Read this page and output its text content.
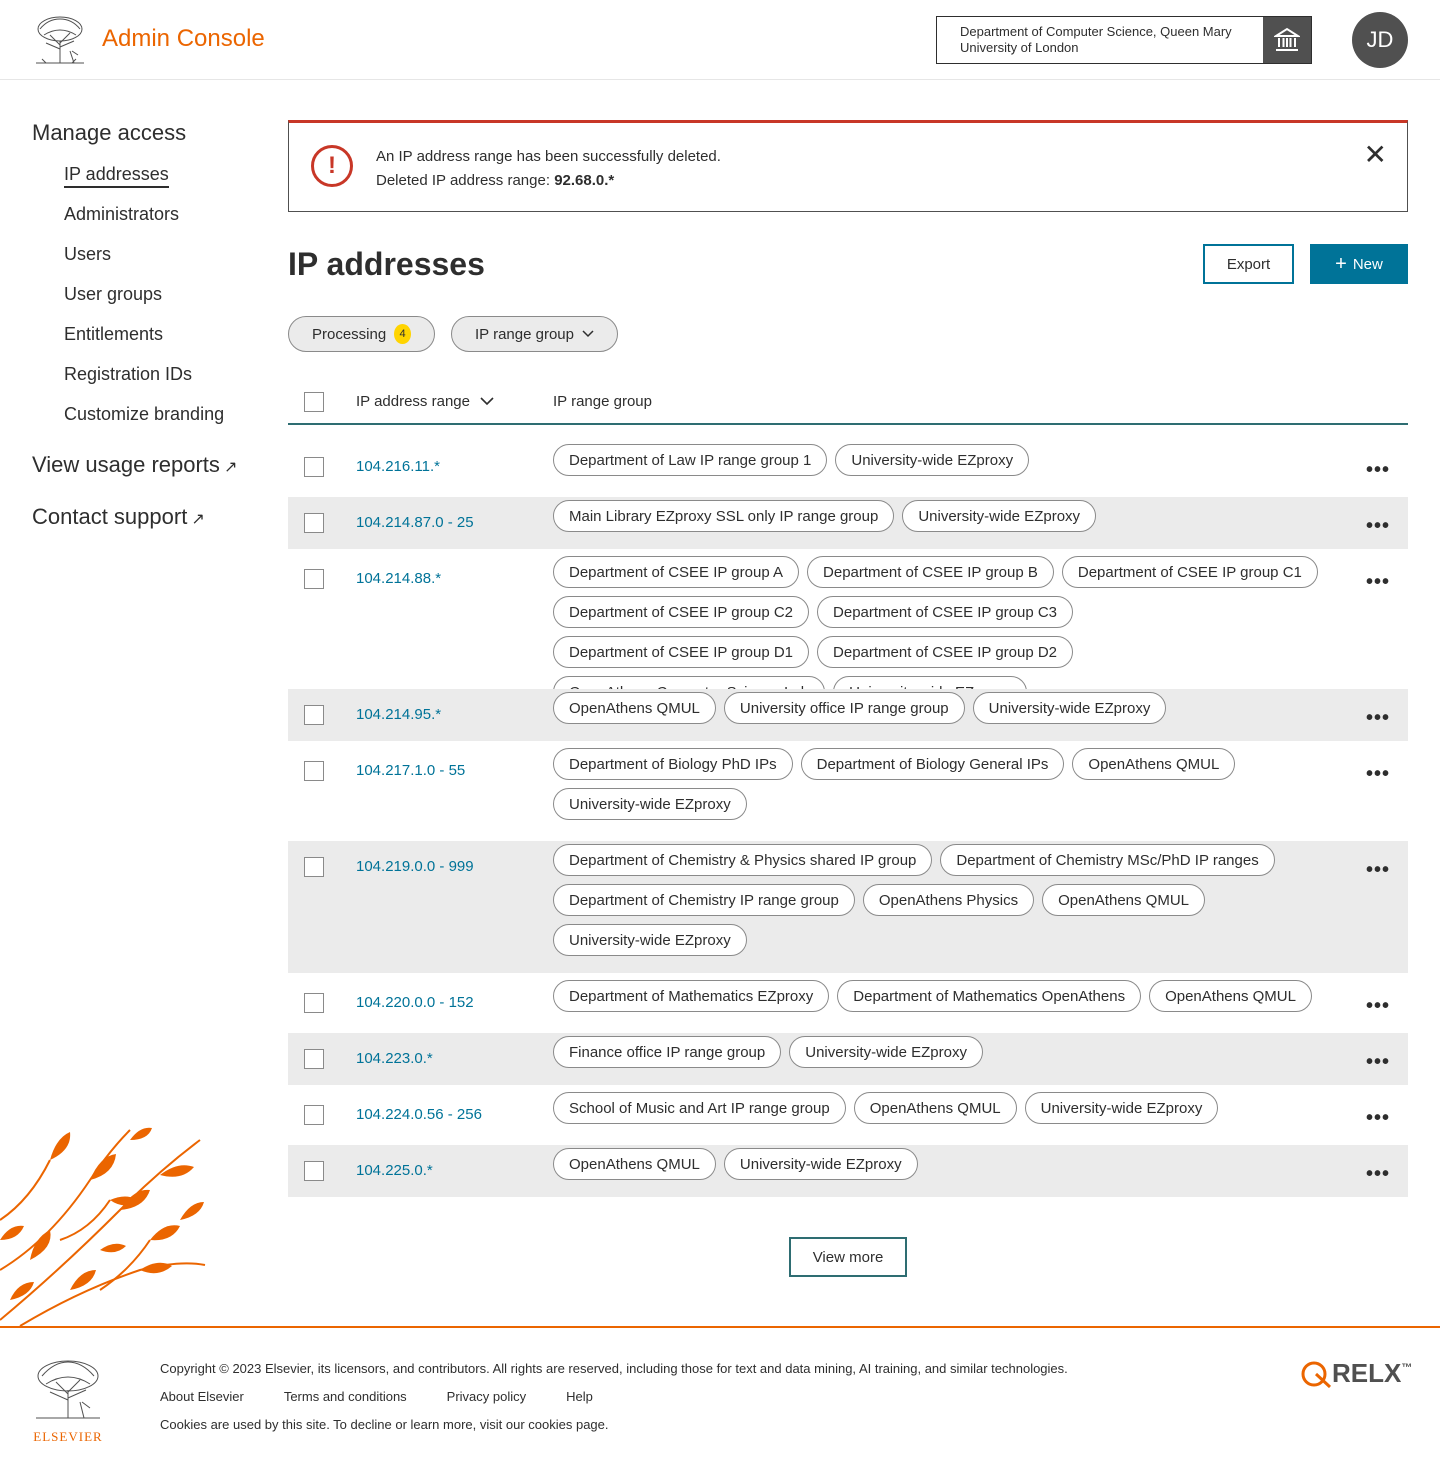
Admin Console	Department of Computer Science, Queen Mary University of London	JD
Manage access
IP addresses
Administrators
Users
User groups
Entitlements
Registration IDs
Customize branding
View usage reports ↗
Contact support ↗
!	An IP address range has been successfully deleted.
Deleted IP address range: 92.68.0.*
✕
IP addresses	Export	+ New
Processing	4	IP range group
IP address range	IP range group
104.216.11.*	Department of Law IP range group 1	University-wide EZproxy	•••
104.214.87.0 - 25	Main Library EZproxy SSL only IP range group	University-wide EZproxy	•••
104.214.88.*	Department of CSEE IP group A	Department of CSEE IP group B	Department of CSEE IP group C1
Department of CSEE IP group C2	Department of CSEE IP group C3
Department of CSEE IP group D1	Department of CSEE IP group D2
•••
104.214.95.*	OpenAthens QMUL	University office IP range group	University-wide EZproxy	•••
104.217.1.0 - 55	Department of Biology PhD IPs	Department of Biology General IPs	OpenAthens QMUL
University-wide EZproxy
•••
104.219.0.0 - 999	Department of Chemistry & Physics shared IP group	Department of Chemistry MSc/PhD IP ranges
Department of Chemistry IP range group	OpenAthens Physics	OpenAthens QMUL
University-wide EZproxy
•••
104.220.0.0 - 152	Department of Mathematics EZproxy	Department of Mathematics OpenAthens	OpenAthens QMUL	•••
104.223.0.*	Finance office IP range group	University-wide EZproxy	•••
104.224.0.56 - 256	School of Music and Art IP range group	OpenAthens QMUL	University-wide EZproxy	•••
104.225.0.*	OpenAthens QMUL	University-wide EZproxy	•••
View more
ELSEVIER
Copyright © 2023 Elsevier, its licensors, and contributors. All rights are reserved, including those for text and data mining, AI training, and similar technologies.
About Elsevier	Terms and conditions	Privacy policy	Help
Cookies are used by this site. To decline or learn more, visit our cookies page.
RELX ™
